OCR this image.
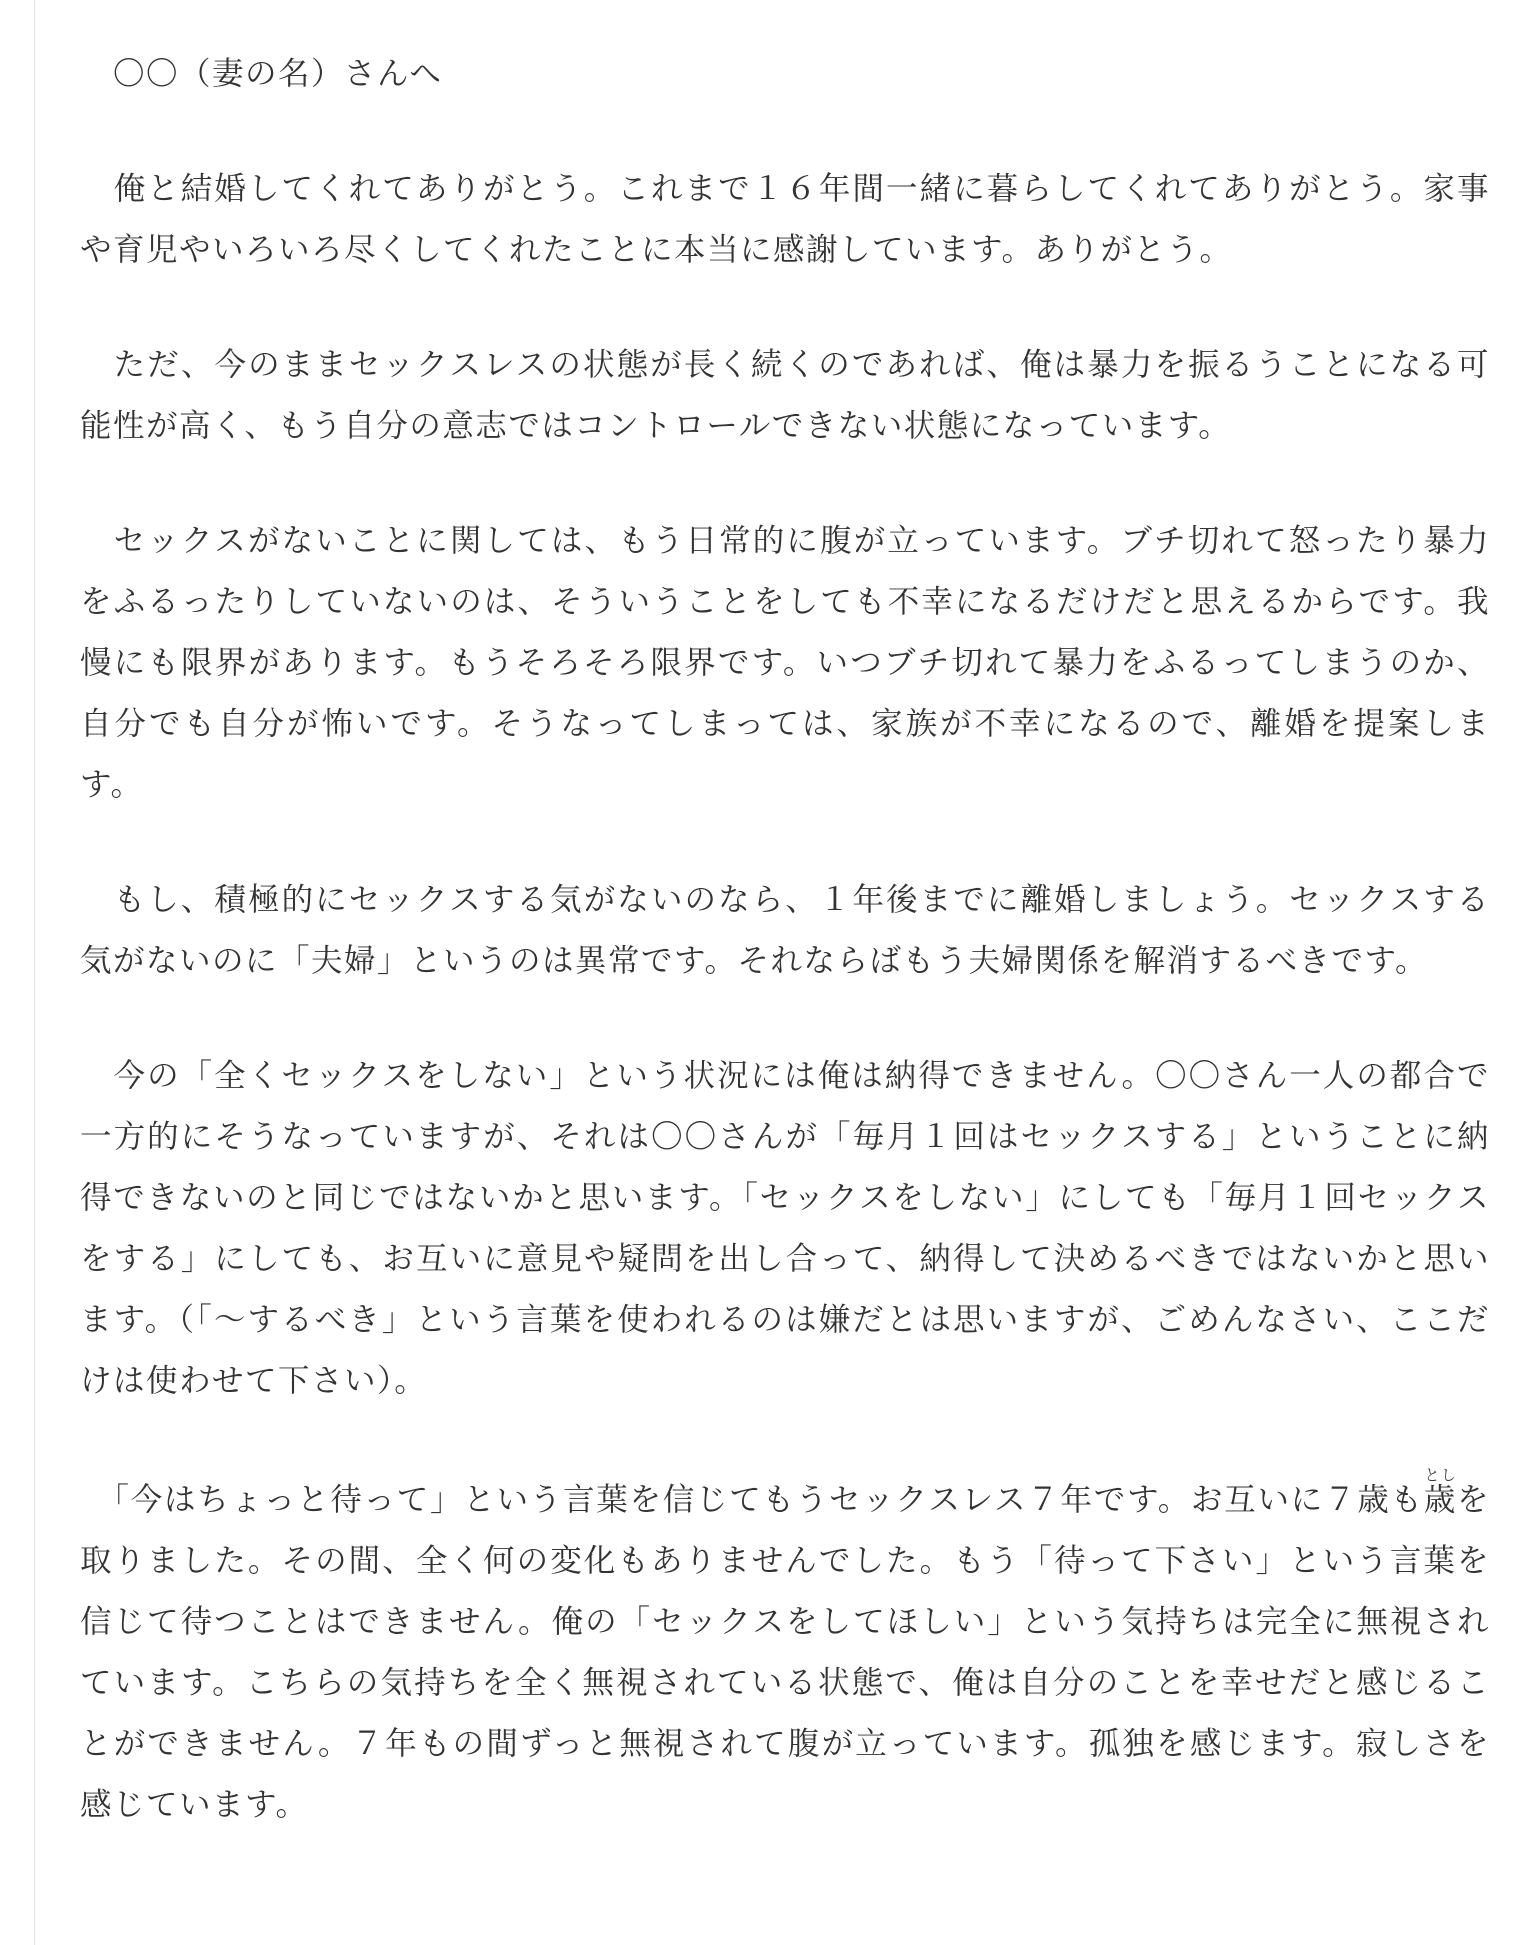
　〇〇（妻の名）さんへ

　俺と結婚してくれてありがとう。これまで１６年間一緒に暮らしてくれてありがとう。家事や育児やいろいろ尽くしてくれたことに本当に感謝しています。ありがとう。

　ただ、今のままセックスレスの状態が長く続くのであれば、俺は暴力を振るうことになる可能性が高く、もう自分の意志ではコントロールできない状態になっています。

　セックスがないことに関しては、もう日常的に腹が立っています。ブチ切れて怒ったり暴力をふるったりしていないのは、そういうことをしても不幸になるだけだと思えるからです。我慢にも限界があります。もうそろそろ限界です。いつブチ切れて暴力をふるってしまうのか、自分でも自分が怖いです。そうなってしまっては、家族が不幸になるので、離婚を提案します。

　もし、積極的にセックスする気がないのなら、１年後までに離婚しましょう。セックスする気がないのに「夫婦」というのは異常です。それならばもう夫婦関係を解消するべきです。

　今の「全くセックスをしない」という状況には俺は納得できません。〇〇さん一人の都合で一方的にそうなっていますが、それは〇〇さんが「毎月１回はセックスする」ということに納得できないのと同じではないかと思います。「セックスをしない」にしても「毎月１回セックスをする」にしても、お互いに意見や疑問を出し合って、納得して決めるべきではないかと思います。（「〜するべき」という言葉を使われるのは嫌だとは思いますが、ごめんなさい、ここだけは使わせて下さい）。

　「今はちょっと待って」という言葉を信じてもうセックスレス７年です。お互いに７歳も歳としを取りました。その間、全く何の変化もありませんでした。もう「待って下さい」という言葉を信じて待つことはできません。俺の「セックスをしてほしい」という気持ちは完全に無視されています。こちらの気持ちを全く無視されている状態で、俺は自分のことを幸せだと感じることができません。７年もの間ずっと無視されて腹が立っています。孤独を感じます。寂しさを感じています。
